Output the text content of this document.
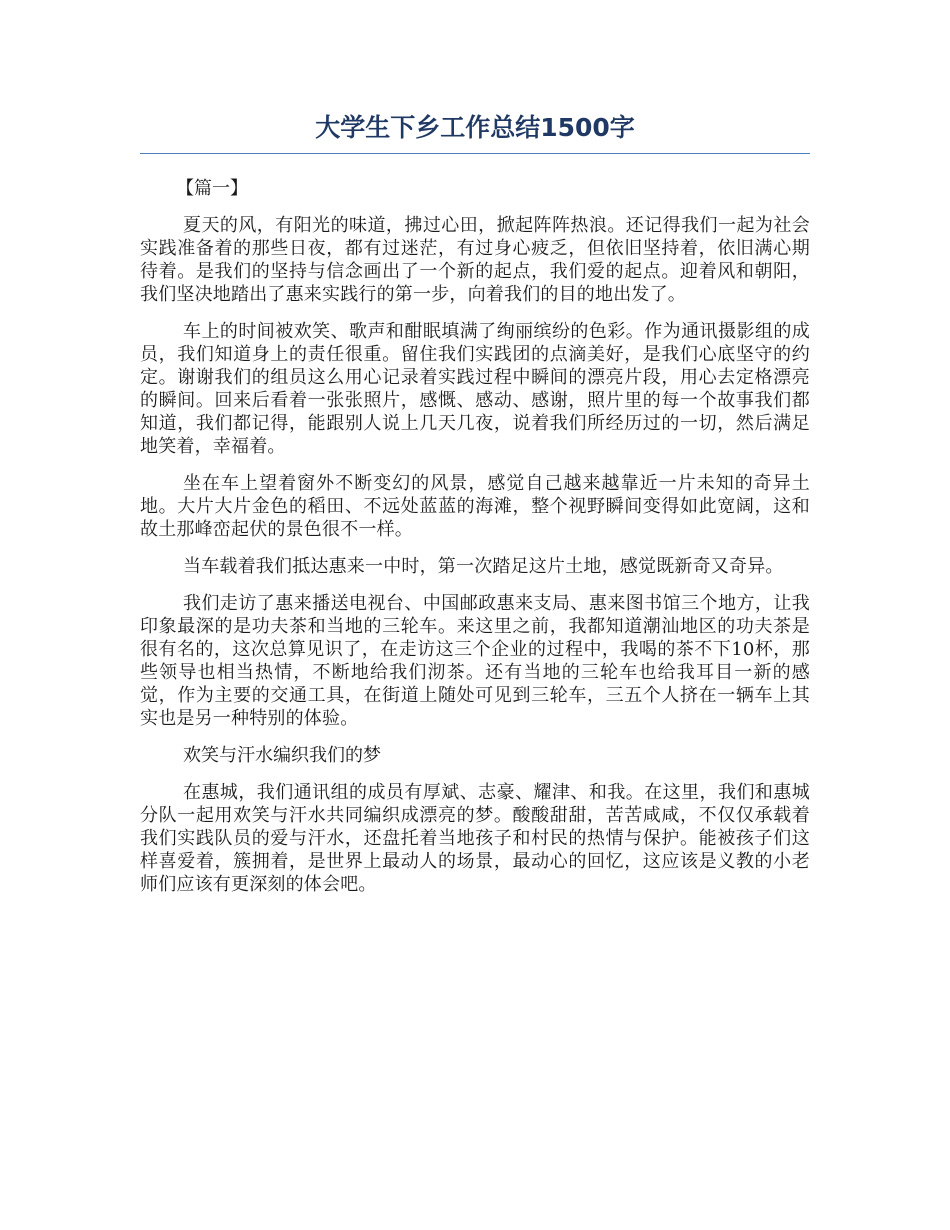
大学生下乡工作总结1500字

【篇一】

夏天的风，有阳光的味道，拂过心田，掀起阵阵热浪。还记得我们一起为社会实践准备着的那些日夜，都有过迷茫，有过身心疲乏，但依旧坚持着，依旧满心期待着。是我们的坚持与信念画出了一个新的起点，我们爱的起点。迎着风和朝阳，我们坚决地踏出了惠来实践行的第一步，向着我们的目的地出发了。

车上的时间被欢笑、歌声和酣眠填满了绚丽缤纷的色彩。作为通讯摄影组的成员，我们知道身上的责任很重。留住我们实践团的点滴美好，是我们心底坚守的约定。谢谢我们的组员这么用心记录着实践过程中瞬间的漂亮片段，用心去定格漂亮的瞬间。回来后看着一张张照片，感慨、感动、感谢，照片里的每一个故事我们都知道，我们都记得，能跟别人说上几天几夜，说着我们所经历过的一切，然后满足地笑着，幸福着。

坐在车上望着窗外不断变幻的风景，感觉自己越来越靠近一片未知的奇异土地。大片大片金色的稻田、不远处蓝蓝的海滩，整个视野瞬间变得如此宽阔，这和故土那峰峦起伏的景色很不一样。

当车载着我们抵达惠来一中时，第一次踏足这片土地，感觉既新奇又奇异。

我们走访了惠来播送电视台、中国邮政惠来支局、惠来图书馆三个地方，让我印象最深的是功夫茶和当地的三轮车。来这里之前，我都知道潮汕地区的功夫茶是很有名的，这次总算见识了，在走访这三个企业的过程中，我喝的茶不下10杯，那些领导也相当热情，不断地给我们沏茶。还有当地的三轮车也给我耳目一新的感觉，作为主要的交通工具，在街道上随处可见到三轮车，三五个人挤在一辆车上其实也是另一种特别的体验。

欢笑与汗水编织我们的梦

在惠城，我们通讯组的成员有厚斌、志豪、耀津、和我。在这里，我们和惠城分队一起用欢笑与汗水共同编织成漂亮的梦。酸酸甜甜，苦苦咸咸，不仅仅承载着我们实践队员的爱与汗水，还盘托着当地孩子和村民的热情与保护。能被孩子们这样喜爱着，簇拥着，是世界上最动人的场景，最动心的回忆，这应该是义教的小老师们应该有更深刻的体会吧。
